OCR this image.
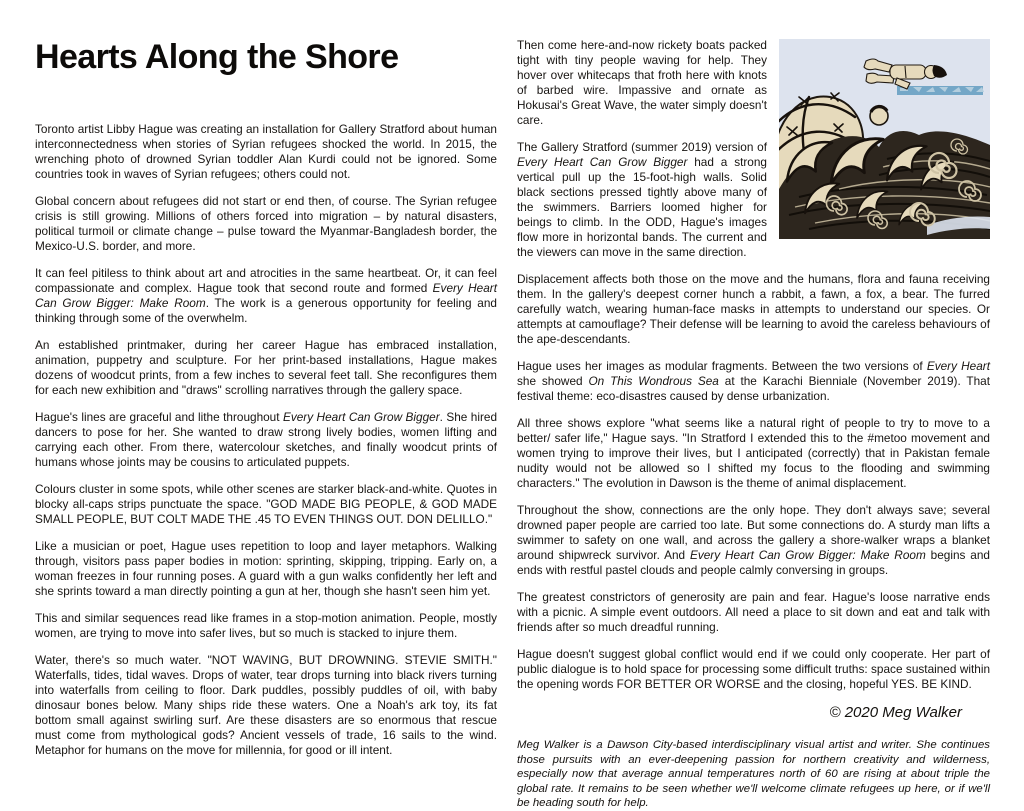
Hearts Along the Shore

Toronto artist Libby Hague was creating an installation for Gallery Stratford about human interconnectedness when stories of Syrian refugees shocked the world. In 2015, the wrenching photo of drowned Syrian toddler Alan Kurdi could not be ignored. Some countries took in waves of Syrian refugees; others could not.

Global concern about refugees did not start or end then, of course. The Syrian refugee crisis is still growing. Millions of others forced into migration – by natural disasters, political turmoil or climate change – pulse toward the Myanmar-Bangladesh border, the Mexico-U.S. border, and more.

It can feel pitiless to think about art and atrocities in the same heartbeat. Or, it can feel compassionate and complex. Hague took that second route and formed Every Heart Can Grow Bigger: Make Room. The work is a generous opportunity for feeling and thinking through some of the overwhelm.

An established printmaker, during her career Hague has embraced installation, animation, puppetry and sculpture. For her print-based installations, Hague makes dozens of woodcut prints, from a few inches to several feet tall. She reconfigures them for each new exhibition and "draws" scrolling narratives through the gallery space.

Hague's lines are graceful and lithe throughout Every Heart Can Grow Bigger. She hired dancers to pose for her. She wanted to draw strong lively bodies, women lifting and carrying each other. From there, watercolour sketches, and finally woodcut prints of humans whose joints may be cousins to articulated puppets.

Colours cluster in some spots, while other scenes are starker black-and-white. Quotes in blocky all-caps strips punctuate the space. "GOD MADE BIG PEOPLE, & GOD MADE SMALL PEOPLE, BUT COLT MADE THE .45 TO EVEN THINGS OUT. DON DELILLO."

Like a musician or poet, Hague uses repetition to loop and layer metaphors. Walking through, visitors pass paper bodies in motion: sprinting, skipping, tripping. Early on, a woman freezes in four running poses. A guard with a gun walks confidently her left and she sprints toward a man directly pointing a gun at her, though she hasn't seen him yet.

This and similar sequences read like frames in a stop-motion animation. People, mostly women, are trying to move into safer lives, but so much is stacked to injure them.

Water, there's so much water. "NOT WAVING, BUT DROWNING. STEVIE SMITH." Waterfalls, tides, tidal waves. Drops of water, tear drops turning into black rivers turning into waterfalls from ceiling to floor. Dark puddles, possibly puddles of oil, with baby dinosaur bones below. Many ships ride these waters. One a Noah's ark toy, its fat bottom small against swirling surf. Are these disasters are so enormous that rescue must come from mythological gods? Ancient vessels of trade, 16 sails to the wind. Metaphor for humans on the move for millennia, for good or ill intent.

Then come here-and-now rickety boats packed tight with tiny people waving for help. They hover over whitecaps that froth here with knots of barbed wire. Impassive and ornate as Hokusai's Great Wave, the water simply doesn't care.

The Gallery Stratford (summer 2019) version of Every Heart Can Grow Bigger had a strong vertical pull up the 15-foot-high walls. Solid black sections pressed tightly above many of the swimmers. Barriers loomed higher for beings to climb. In the ODD, Hague's images flow more in horizontal bands. The current and the viewers can move in the same direction.

Displacement affects both those on the move and the humans, flora and fauna receiving them. In the gallery's deepest corner hunch a rabbit, a fawn, a fox, a bear. The furred carefully watch, wearing human-face masks in attempts to understand our species. Or attempts at camouflage? Their defense will be learning to avoid the careless behaviours of the ape-descendants.

Hague uses her images as modular fragments. Between the two versions of Every Heart she showed On This Wondrous Sea at the Karachi Bienniale (November 2019). That festival theme: eco-disastres caused by dense urbanization.

All three shows explore "what seems like a natural right of people to try to move to a better/ safer life," Hague says. "In Stratford I extended this to the #metoo movement and women trying to improve their lives, but I anticipated (correctly) that in Pakistan female nudity would not be allowed so I shifted my focus to the flooding and swimming characters." The evolution in Dawson is the theme of animal displacement.

Throughout the show, connections are the only hope. They don't always save; several drowned paper people are carried too late. But some connections do. A sturdy man lifts a swimmer to safety on one wall, and across the gallery a shore-walker wraps a blanket around shipwreck survivor. And Every Heart Can Grow Bigger: Make Room begins and ends with restful pastel clouds and people calmly conversing in groups.

The greatest constrictors of generosity are pain and fear. Hague's loose narrative ends with a picnic. A simple event outdoors. All need a place to sit down and eat and talk with friends after so much dreadful running.

Hague doesn't suggest global conflict would end if we could only cooperate. Her part of public dialogue is to hold space for processing some difficult truths: space sustained within the opening words FOR BETTER OR WORSE and the closing, hopeful YES. BE KIND.

© 2020 Meg Walker

Meg Walker is a Dawson City-based interdisciplinary visual artist and writer. She continues those pursuits with an ever-deepening passion for northern creativity and wilderness, especially now that average annual temperatures north of 60 are rising at about triple the global rate. It remains to be seen whether we'll welcome climate refugees up here, or if we'll be heading south for help.
